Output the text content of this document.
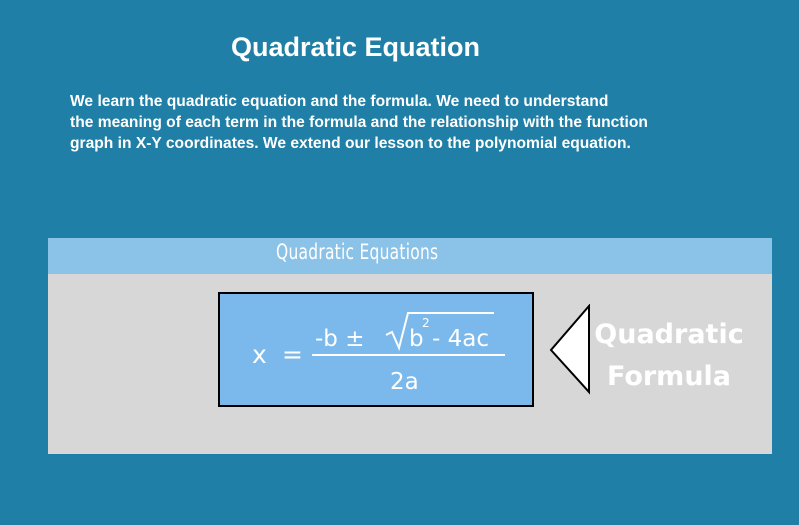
Quadratic Equation
We learn the quadratic equation and the formula. We need to understand
the meaning of each term in the formula and the relationship with the function
graph in X-Y coordinates. We extend our lesson to the polynomial equation.
Quadratic Equations
x =
-b ± b
2
- 4ac
2a
Quadratic
Formula
